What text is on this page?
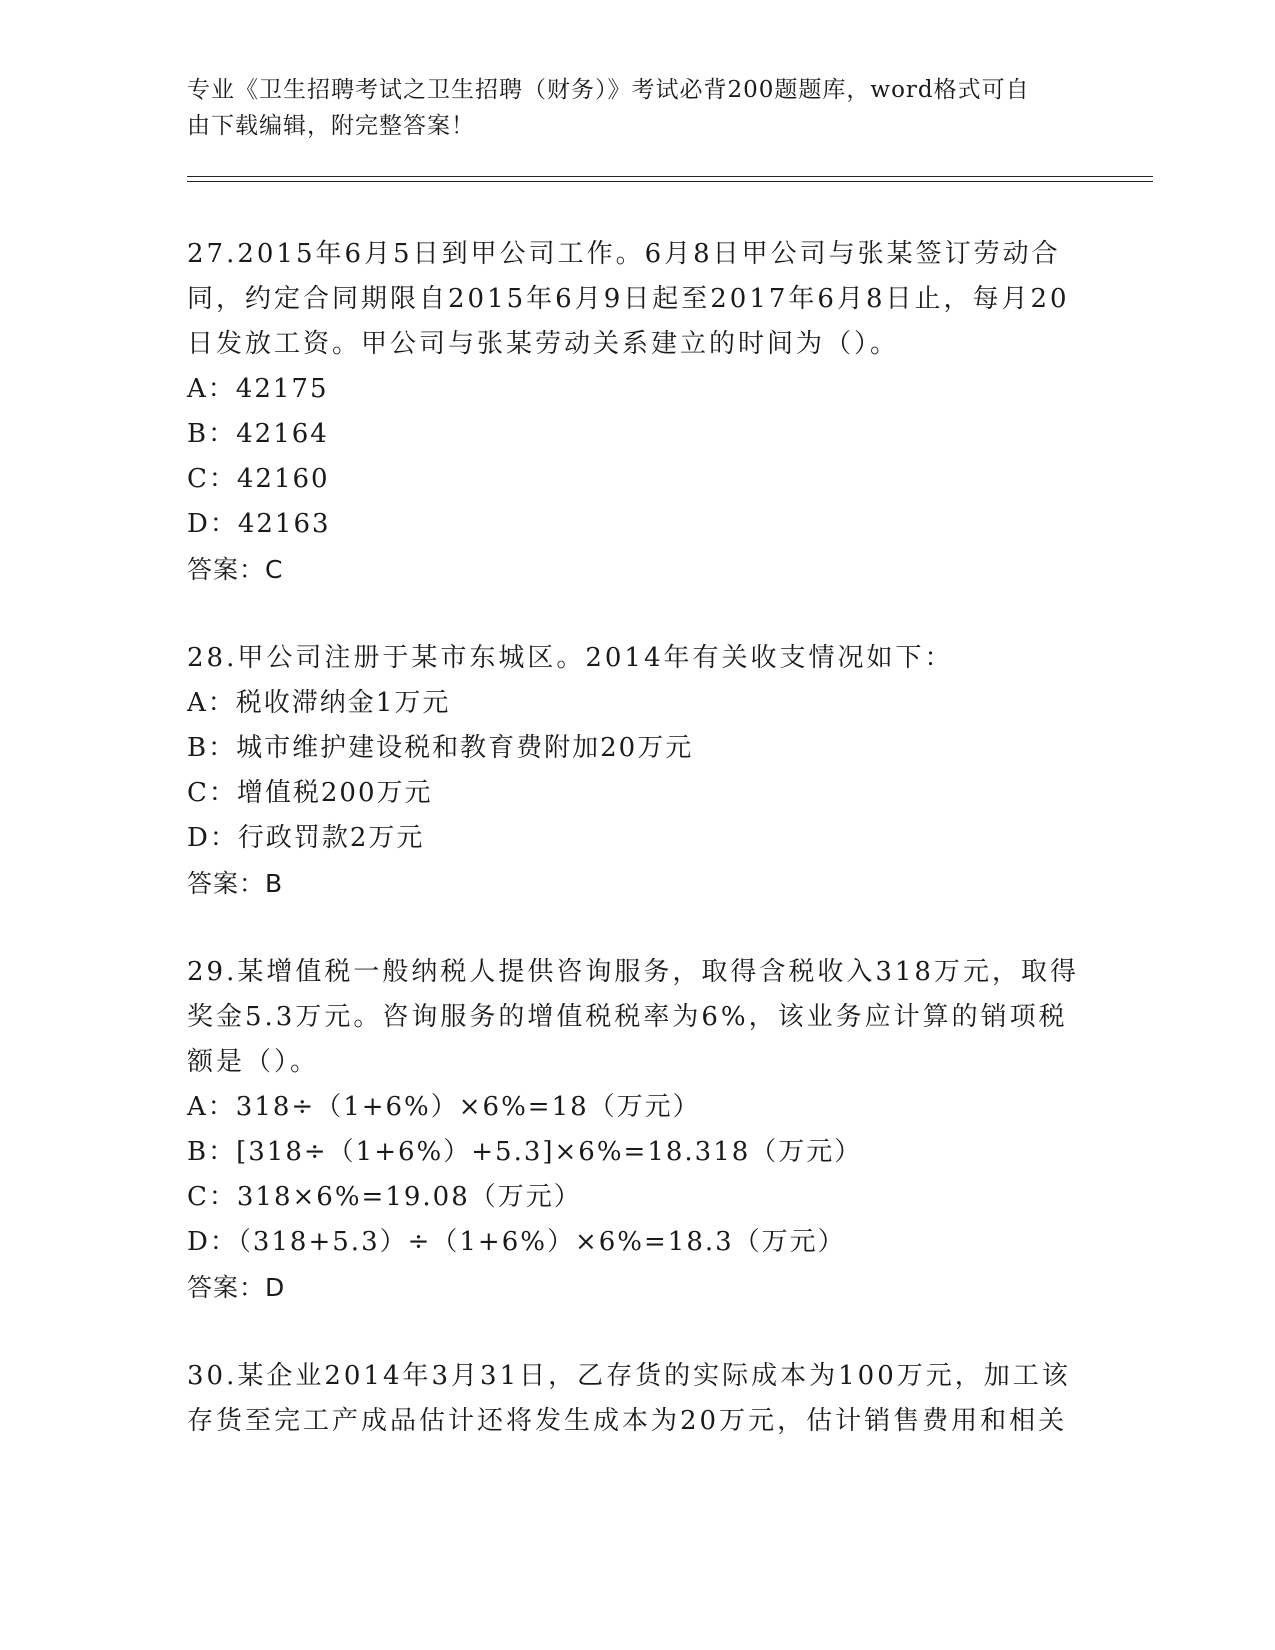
专业《卫生招聘考试之卫生招聘（财务）》考试必背200题题库，word格式可自
由下载编辑，附完整答案！

27.2015年6月5日到甲公司工作。6月8日甲公司与张某签订劳动合同，约定合同期限自2015年6月9日起至2017年6月8日止，每月20日发放工资。甲公司与张某劳动关系建立的时间为（）。

A：42175

B：42164

C：42160

D：42163

答案：C

28.甲公司注册于某市东城区。2014年有关收支情况如下：

A：税收滞纳金1万元

B：城市维护建设税和教育费附加20万元

C：增值税200万元

D：行政罚款2万元

答案：B

29.某增值税一般纳税人提供咨询服务，取得含税收入318万元，取得奖金5.3万元。咨询服务的增值税税率为6%，该业务应计算的销项税额是（）。

A：318÷（1+6%）×6%=18（万元）

B：[318÷（1+6%）+5.3]×6%=18.318（万元）

C：318×6%=19.08（万元）

D：（318+5.3）÷（1+6%）×6%=18.3（万元）

答案：D

30.某企业2014年3月31日，乙存货的实际成本为100万元，加工该存货至完工产成品估计还将发生成本为20万元，估计销售费用和相关
